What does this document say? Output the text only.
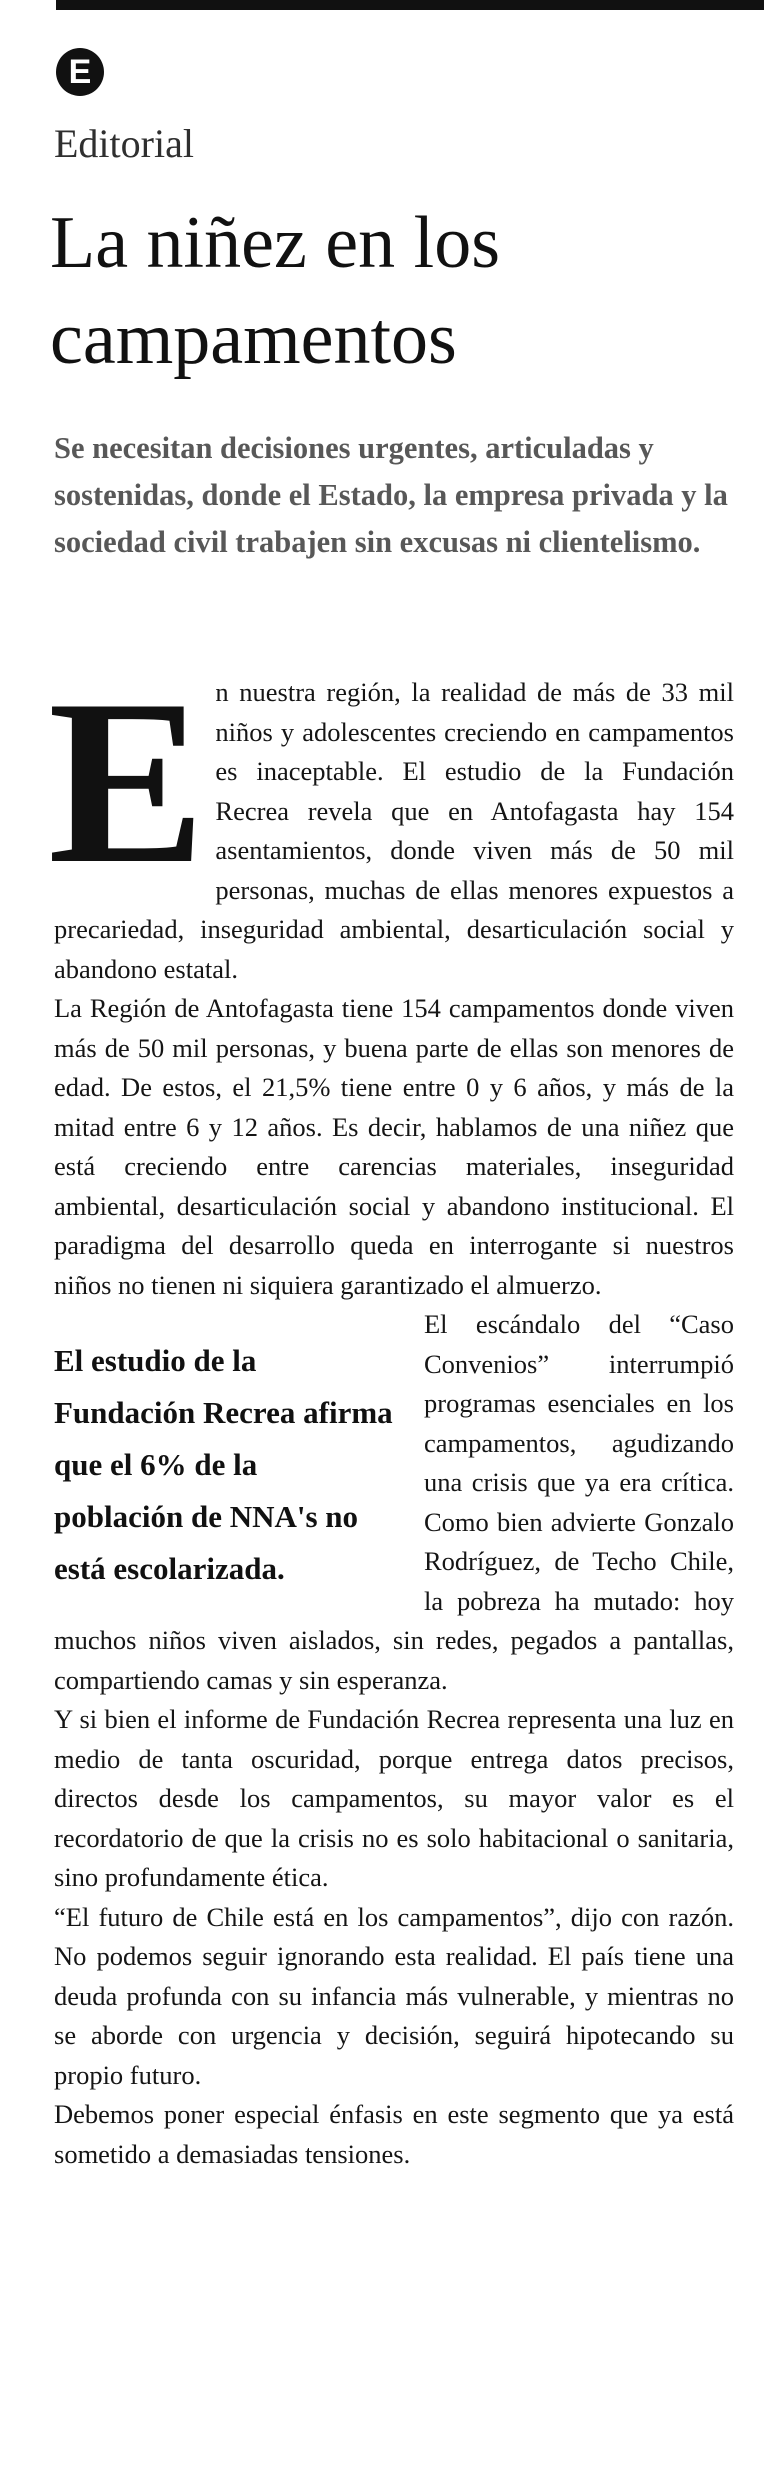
E
Editorial
La niñez en los campamentos

Se necesitan decisiones urgentes, articuladas y sostenidas, donde el Estado, la empresa privada y la sociedad civil trabajen sin excusas ni clientelismo.

E n nuestra región, la realidad de más de 33 mil niños y adolescentes creciendo en campamentos es inaceptable. El estudio de la Fundación Recrea revela que en Antofagasta hay 154 asentamientos, donde viven más de 50 mil personas, muchas de ellas menores expuestos a precariedad, inseguridad ambiental, desarticulación social y abandono estatal.

La Región de Antofagasta tiene 154 campamentos donde viven más de 50 mil personas, y buena parte de ellas son menores de edad. De estos, el 21,5% tiene entre 0 y 6 años, y más de la mitad entre 6 y 12 años. Es decir, hablamos de una niñez que está creciendo entre carencias materiales, inseguridad ambiental, desarticulación social y abandono institucional. El paradigma del desarrollo queda en interrogante si nuestros niños no tienen ni siquiera garantizado el almuerzo.

El estudio de la Fundación Recrea afirma que el 6% de la población de NNA's no está escolarizada.

El escándalo del “Caso Convenios” interrumpió programas esenciales en los campamentos, agudizando una crisis que ya era crítica. Como bien advierte Gonzalo Rodríguez, de Techo Chile, la pobreza ha mutado: hoy muchos niños viven aislados, sin redes, pegados a pantallas, compartiendo camas y sin esperanza.

Y si bien el informe de Fundación Recrea representa una luz en medio de tanta oscuridad, porque entrega datos precisos, directos desde los campamentos, su mayor valor es el recordatorio de que la crisis no es solo habitacional o sanitaria, sino profundamente ética.

“El futuro de Chile está en los campamentos”, dijo con razón. No podemos seguir ignorando esta realidad. El país tiene una deuda profunda con su infancia más vulnerable, y mientras no se aborde con urgencia y decisión, seguirá hipotecando su propio futuro.

Debemos poner especial énfasis en este segmento que ya está sometido a demasiadas tensiones.
